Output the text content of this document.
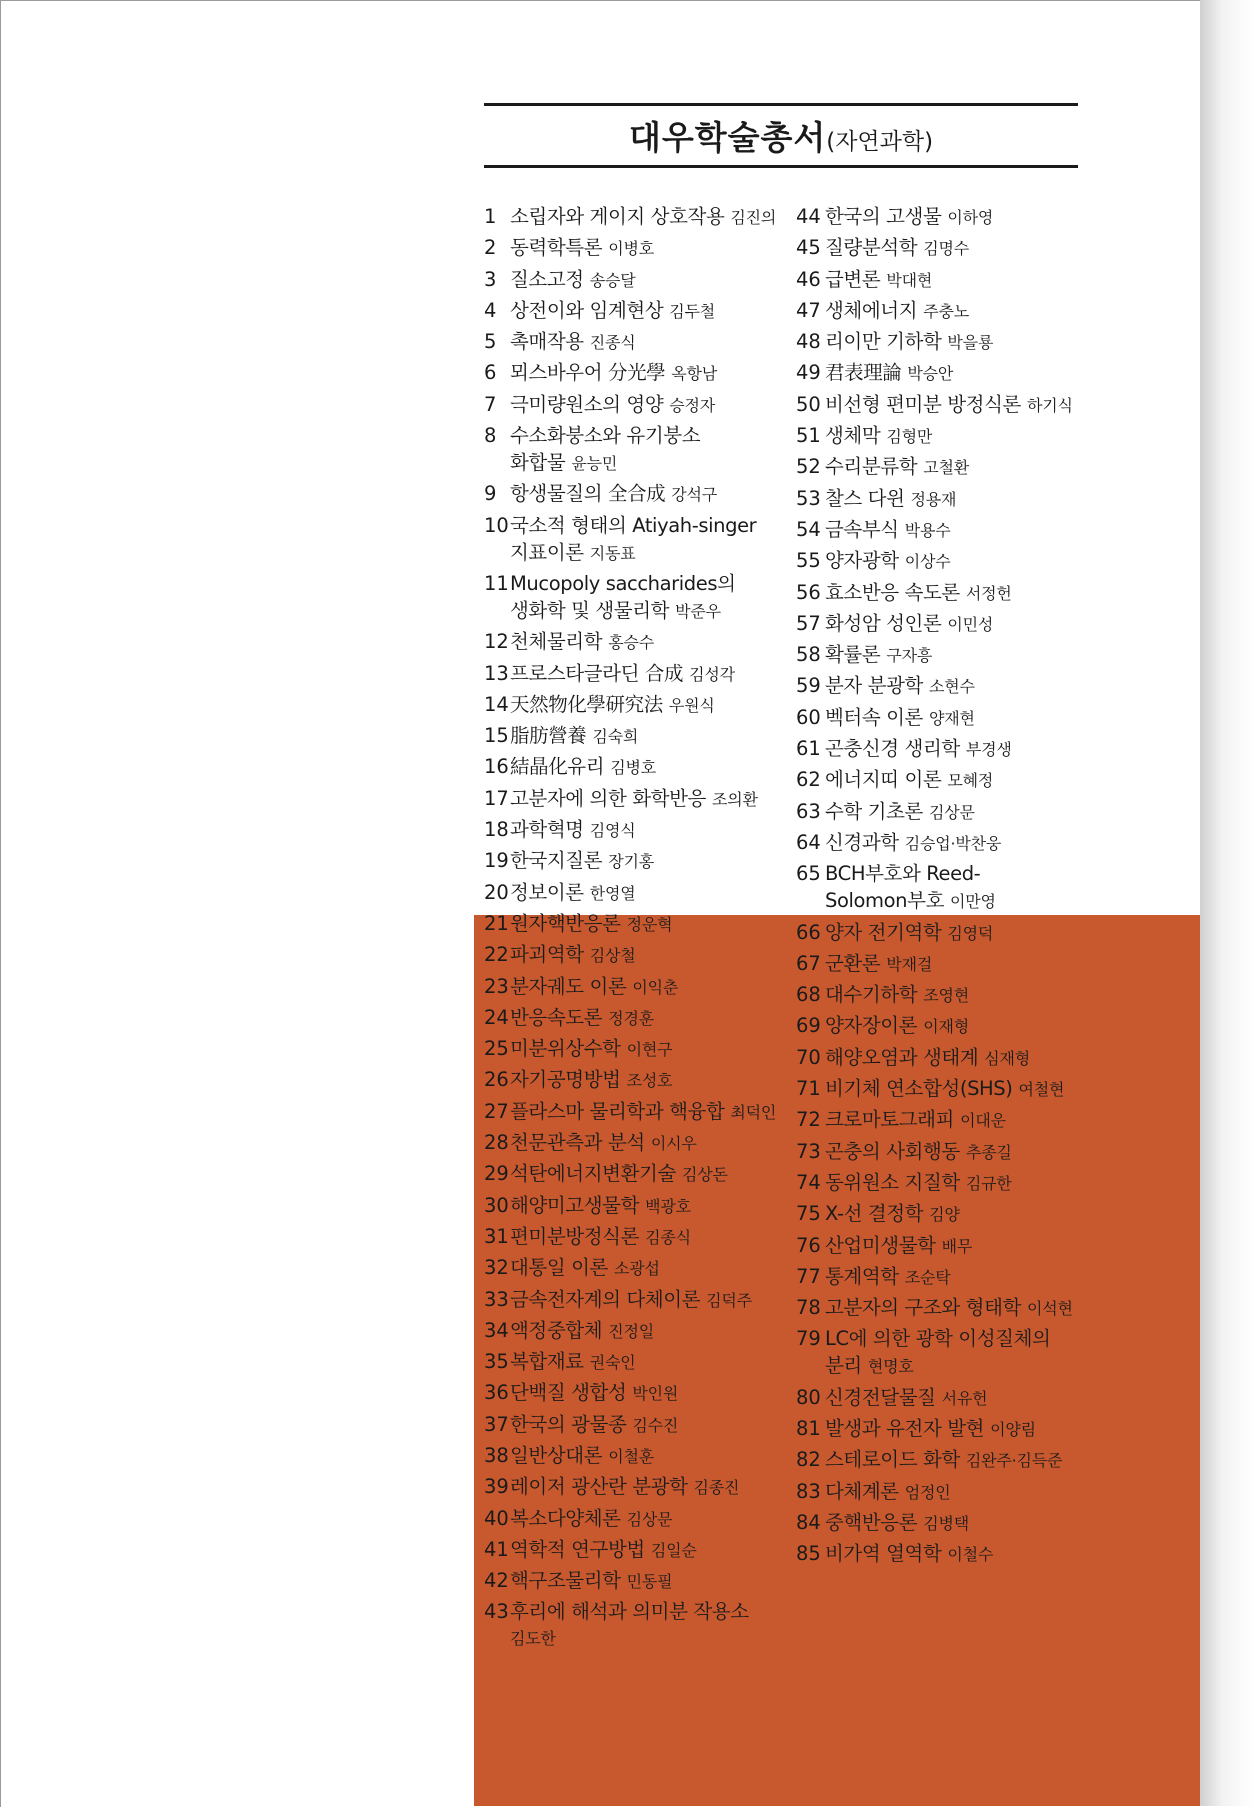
대우학술총서(자연과학)
1 소립자와 게이지 상호작용 김진의
2 동력학특론 이병호
3 질소고정 송승달
4 상전이와 임계현상 김두철
5 촉매작용 진종식
6 뫼스바우어 分光學 옥항남
7 극미량원소의 영양 승정자
8 수소화붕소와 유기붕소
화합물 윤능민
9 항생물질의 全合成 강석구
10 국소적 형태의 Atiyah-singer
지표이론 지동표
11 Mucopoly saccharides의
생화학 및 생물리학 박준우
12 천체물리학 홍승수
13 프로스타글라딘 合成 김성각
14 天然物化學研究法 우원식
15 脂肪營養 김숙희
16 結晶化유리 김병호
17 고분자에 의한 화학반응 조의환
18 과학혁명 김영식
19 한국지질론 장기홍
20 정보이론 한영열
21 원자핵반응론 정운혁
22 파괴역학 김상철
23 분자궤도 이론 이익춘
24 반응속도론 정경훈
25 미분위상수학 이현구
26 자기공명방법 조성호
27 플라스마 물리학과 핵융합 최덕인
28 천문관측과 분석 이시우
29 석탄에너지변환기술 김상돈
30 해양미고생물학 백광호
31 편미분방정식론 김종식
32 대통일 이론 소광섭
33 금속전자계의 다체이론 김덕주
34 액정중합체 진정일
35 복합재료 권숙인
36 단백질 생합성 박인원
37 한국의 광물종 김수진
38 일반상대론 이철훈
39 레이저 광산란 분광학 김종진
40 복소다양체론 김상문
41 역학적 연구방법 김일순
42 핵구조물리학 민동필
43 후리에 해석과 의미분 작용소
김도한
44 한국의 고생물 이하영
45 질량분석학 김명수
46 급변론 박대현
47 생체에너지 주충노
48 리이만 기하학 박을룡
49 君表理論 박승안
50 비선형 편미분 방정식론 하기식
51 생체막 김형만
52 수리분류학 고철환
53 찰스 다윈 정용재
54 금속부식 박용수
55 양자광학 이상수
56 효소반응 속도론 서정헌
57 화성암 성인론 이민성
58 확률론 구자흥
59 분자 분광학 소현수
60 벡터속 이론 양재현
61 곤충신경 생리학 부경생
62 에너지띠 이론 모혜정
63 수학 기초론 김상문
64 신경과학 김승업·박찬웅
65 BCH부호와 Reed-
Solomon부호 이만영
66 양자 전기역학 김영덕
67 군환론 박재걸
68 대수기하학 조영현
69 양자장이론 이재형
70 해양오염과 생태계 심재형
71 비기체 연소합성(SHS) 여철현
72 크로마토그래피 이대운
73 곤충의 사회행동 추종길
74 동위원소 지질학 김규한
75 X-선 결정학 김양
76 산업미생물학 배무
77 통계역학 조순탁
78 고분자의 구조와 형태학 이석현
79 LC에 의한 광학 이성질체의
분리 현명호
80 신경전달물질 서유헌
81 발생과 유전자 발현 이양림
82 스테로이드 화학 김완주·김득준
83 다체계론 엄정인
84 중핵반응론 김병택
85 비가역 열역학 이철수
